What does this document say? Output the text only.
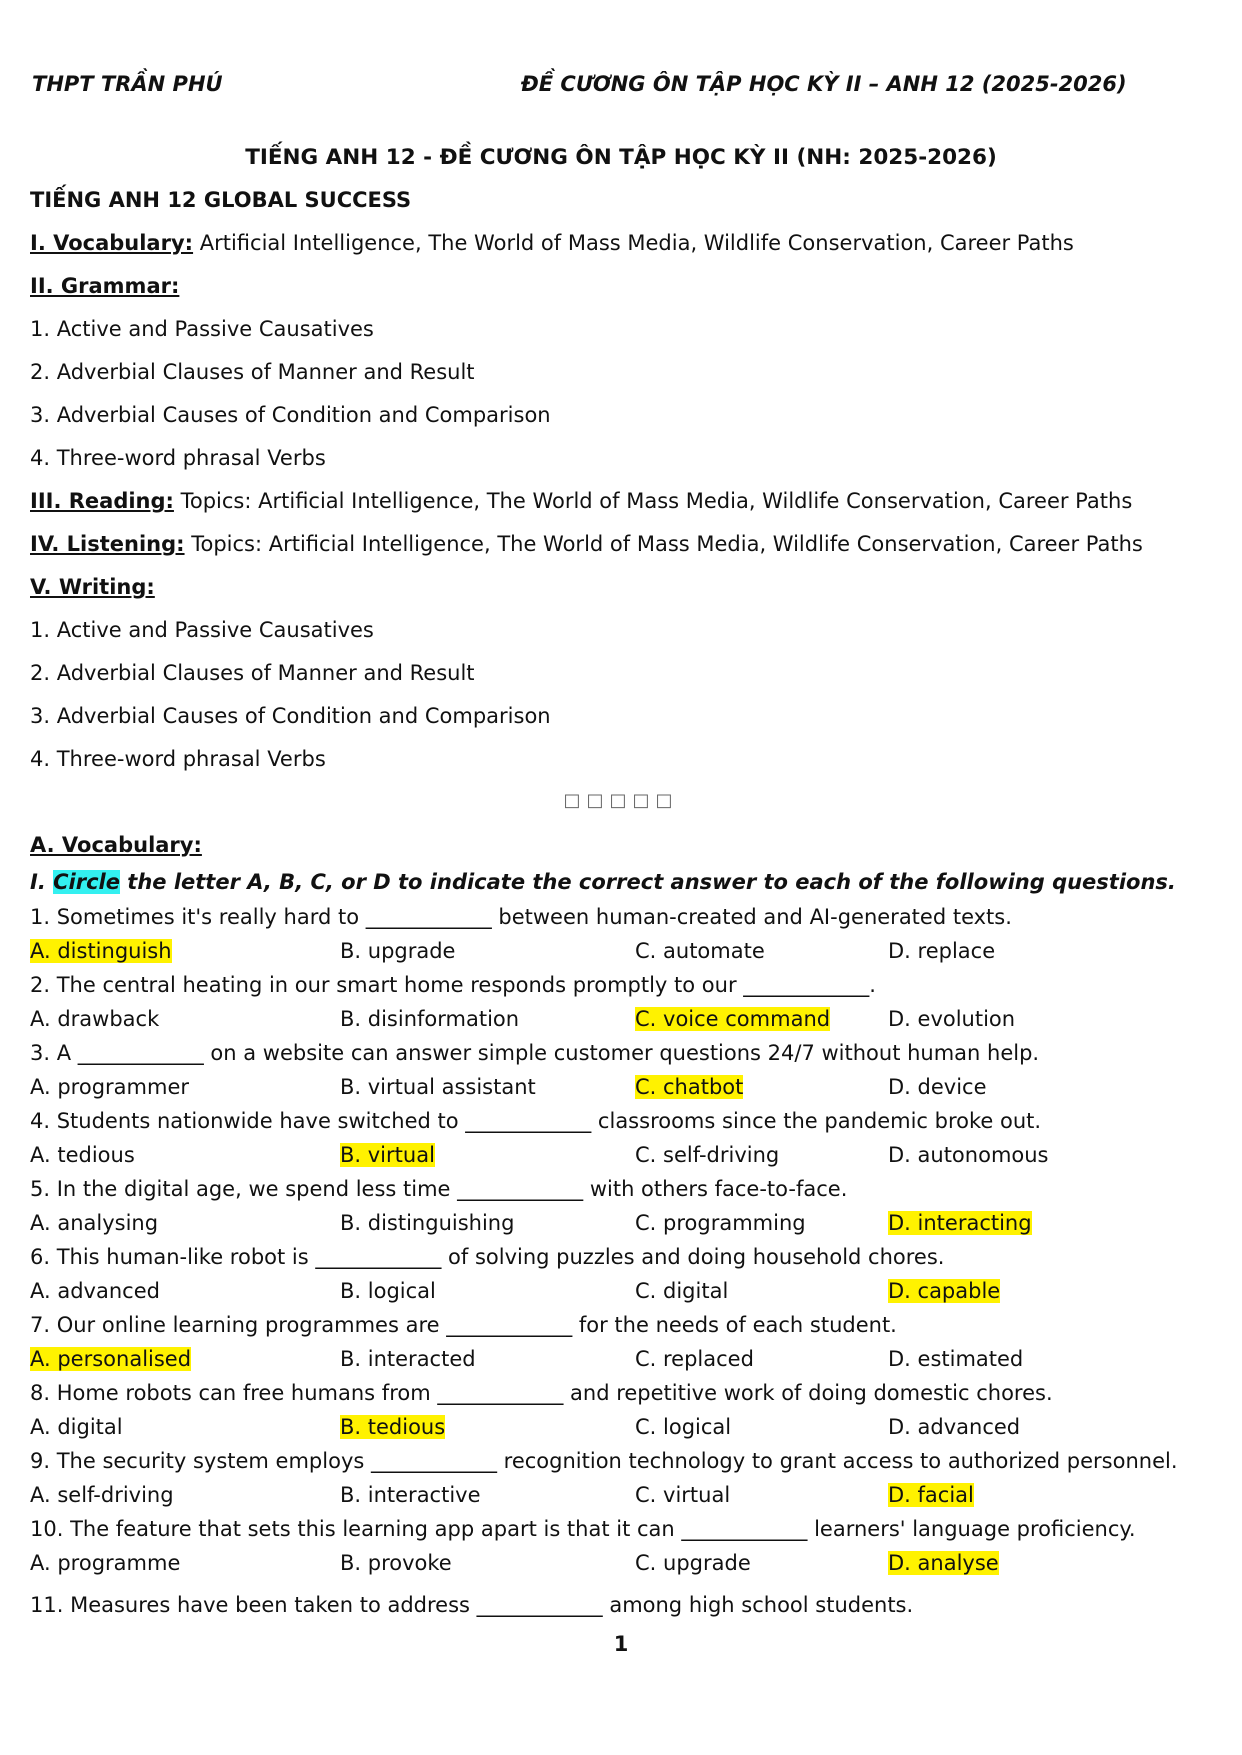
THPT TRẦN PHÚ	ĐỀ CƯƠNG ÔN TẬP HỌC KỲ II – ANH 12 (2025-2026)
TIẾNG ANH 12 - ĐỀ CƯƠNG ÔN TẬP HỌC KỲ II (NH: 2025-2026)
TIẾNG ANH 12 GLOBAL SUCCESS
I. Vocabulary: Artificial Intelligence, The World of Mass Media, Wildlife Conservation, Career Paths
II. Grammar:
1. Active and Passive Causatives
2. Adverbial Clauses of Manner and Result
3. Adverbial Causes of Condition and Comparison
4. Three-word phrasal Verbs
III. Reading: Topics: Artificial Intelligence, The World of Mass Media, Wildlife Conservation, Career Paths
IV. Listening: Topics: Artificial Intelligence, The World of Mass Media, Wildlife Conservation, Career Paths
V. Writing:
1. Active and Passive Causatives
2. Adverbial Clauses of Manner and Result
3. Adverbial Causes of Condition and Comparison
4. Three-word phrasal Verbs
□□□□□
A. Vocabulary:
I. Circle the letter A, B, C, or D to indicate the correct answer to each of the following questions.
1. Sometimes it's really hard to ____________ between human-created and AI-generated texts.
A. distinguish	B. upgrade	C. automate	D. replace
2. The central heating in our smart home responds promptly to our ____________.
A. drawback	B. disinformation	C. voice command	D. evolution
3. A ____________ on a website can answer simple customer questions 24/7 without human help.
A. programmer	B. virtual assistant	C. chatbot	D. device
4. Students nationwide have switched to ____________ classrooms since the pandemic broke out.
A. tedious	B. virtual	C. self-driving	D. autonomous
5. In the digital age, we spend less time ____________ with others face-to-face.
A. analysing	B. distinguishing	C. programming	D. interacting
6. This human-like robot is ____________ of solving puzzles and doing household chores.
A. advanced	B. logical	C. digital	D. capable
7. Our online learning programmes are ____________ for the needs of each student.
A. personalised	B. interacted	C. replaced	D. estimated
8. Home robots can free humans from ____________ and repetitive work of doing domestic chores.
A. digital	B. tedious	C. logical	D. advanced
9. The security system employs ____________ recognition technology to grant access to authorized personnel.
A. self-driving	B. interactive	C. virtual	D. facial
10. The feature that sets this learning app apart is that it can ____________ learners' language proficiency.
A. programme	B. provoke	C. upgrade	D. analyse
11. Measures have been taken to address ____________ among high school students.
1
